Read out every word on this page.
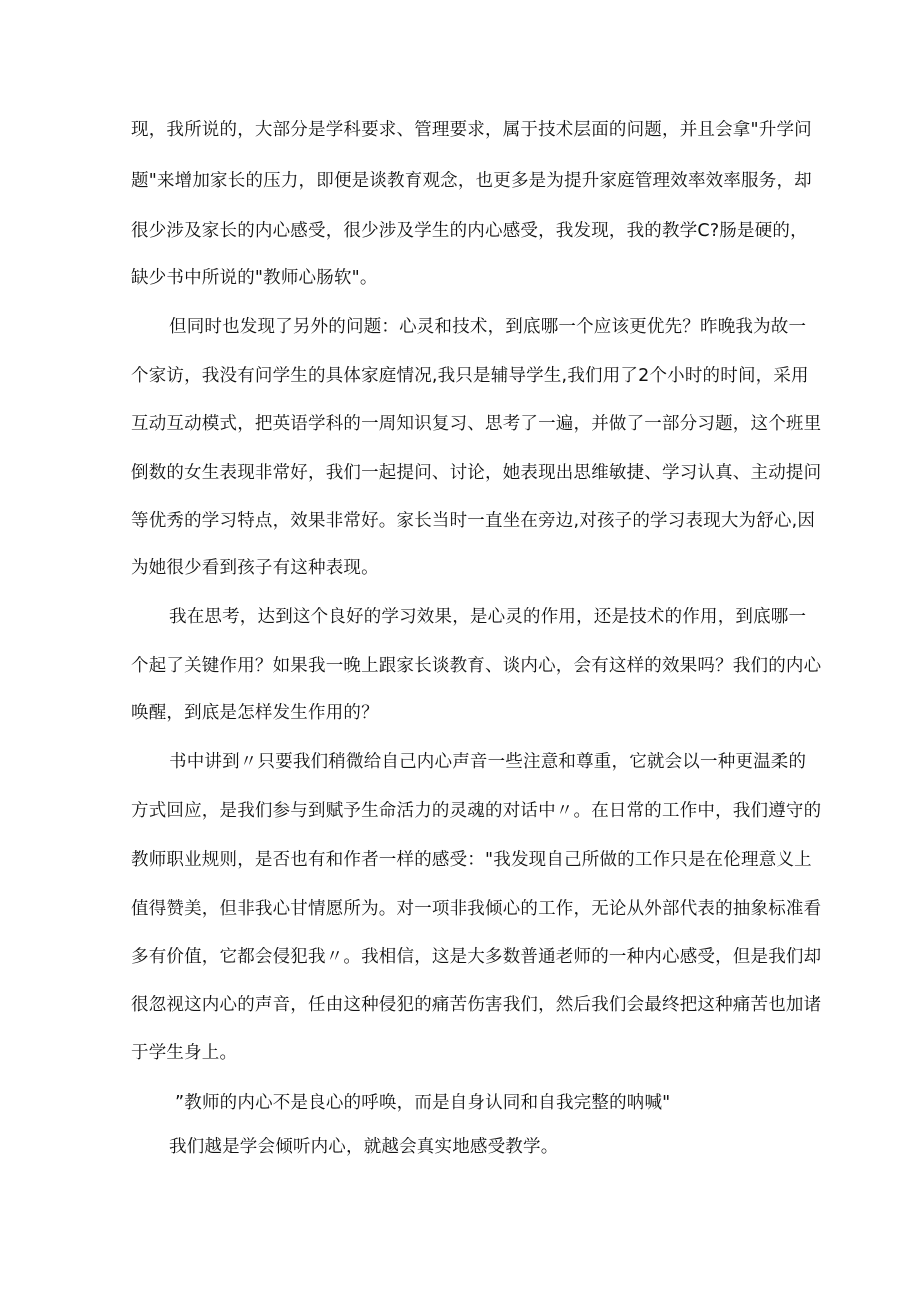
现，我所说的，大部分是学科要求、管理要求，属于技术层面的问题，并且会拿"升学问
题"来增加家长的压力，即便是谈教育观念，也更多是为提升家庭管理效率效率服务，却
很少涉及家长的内心感受，很少涉及学生的内心感受，我发现，我的教学C?肠是硬的，
缺少书中所说的"教师心肠软"。
但同时也发现了另外的问题：心灵和技术，到底哪一个应该更优先？昨晚我为故一
个家访，我没有问学生的具体家庭情况,我只是辅导学生,我们用了2个小时的时间，采用
互动互动模式，把英语学科的一周知识复习、思考了一遍，并做了一部分习题，这个班里
倒数的女生表现非常好，我们一起提问、讨论，她表现出思维敏捷、学习认真、主动提问
等优秀的学习特点，效果非常好。家长当时一直坐在旁边,对孩子的学习表现大为舒心,因
为她很少看到孩子有这种表现。
我在思考，达到这个良好的学习效果，是心灵的作用，还是技术的作用，到底哪一
个起了关键作用？如果我一晚上跟家长谈教育、谈内心，会有这样的效果吗？我们的内心
唤醒，到底是怎样发生作用的？
书中讲到〃只要我们稍微给自己内心声音一些注意和尊重，它就会以一种更温柔的
方式回应，是我们参与到赋予生命活力的灵魂的对话中〃。在日常的工作中，我们遵守的
教师职业规则，是否也有和作者一样的感受："我发现自己所做的工作只是在伦理意义上
值得赞美，但非我心甘情愿所为。对一项非我倾心的工作，无论从外部代表的抽象标准看
多有价值，它都会侵犯我〃。我相信，这是大多数普通老师的一种内心感受，但是我们却
很忽视这内心的声音，任由这种侵犯的痛苦伤害我们，然后我们会最终把这种痛苦也加诸
于学生身上。
”教师的内心不是良心的呼唤，而是自身认同和自我完整的呐喊"
我们越是学会倾听内心，就越会真实地感受教学。
